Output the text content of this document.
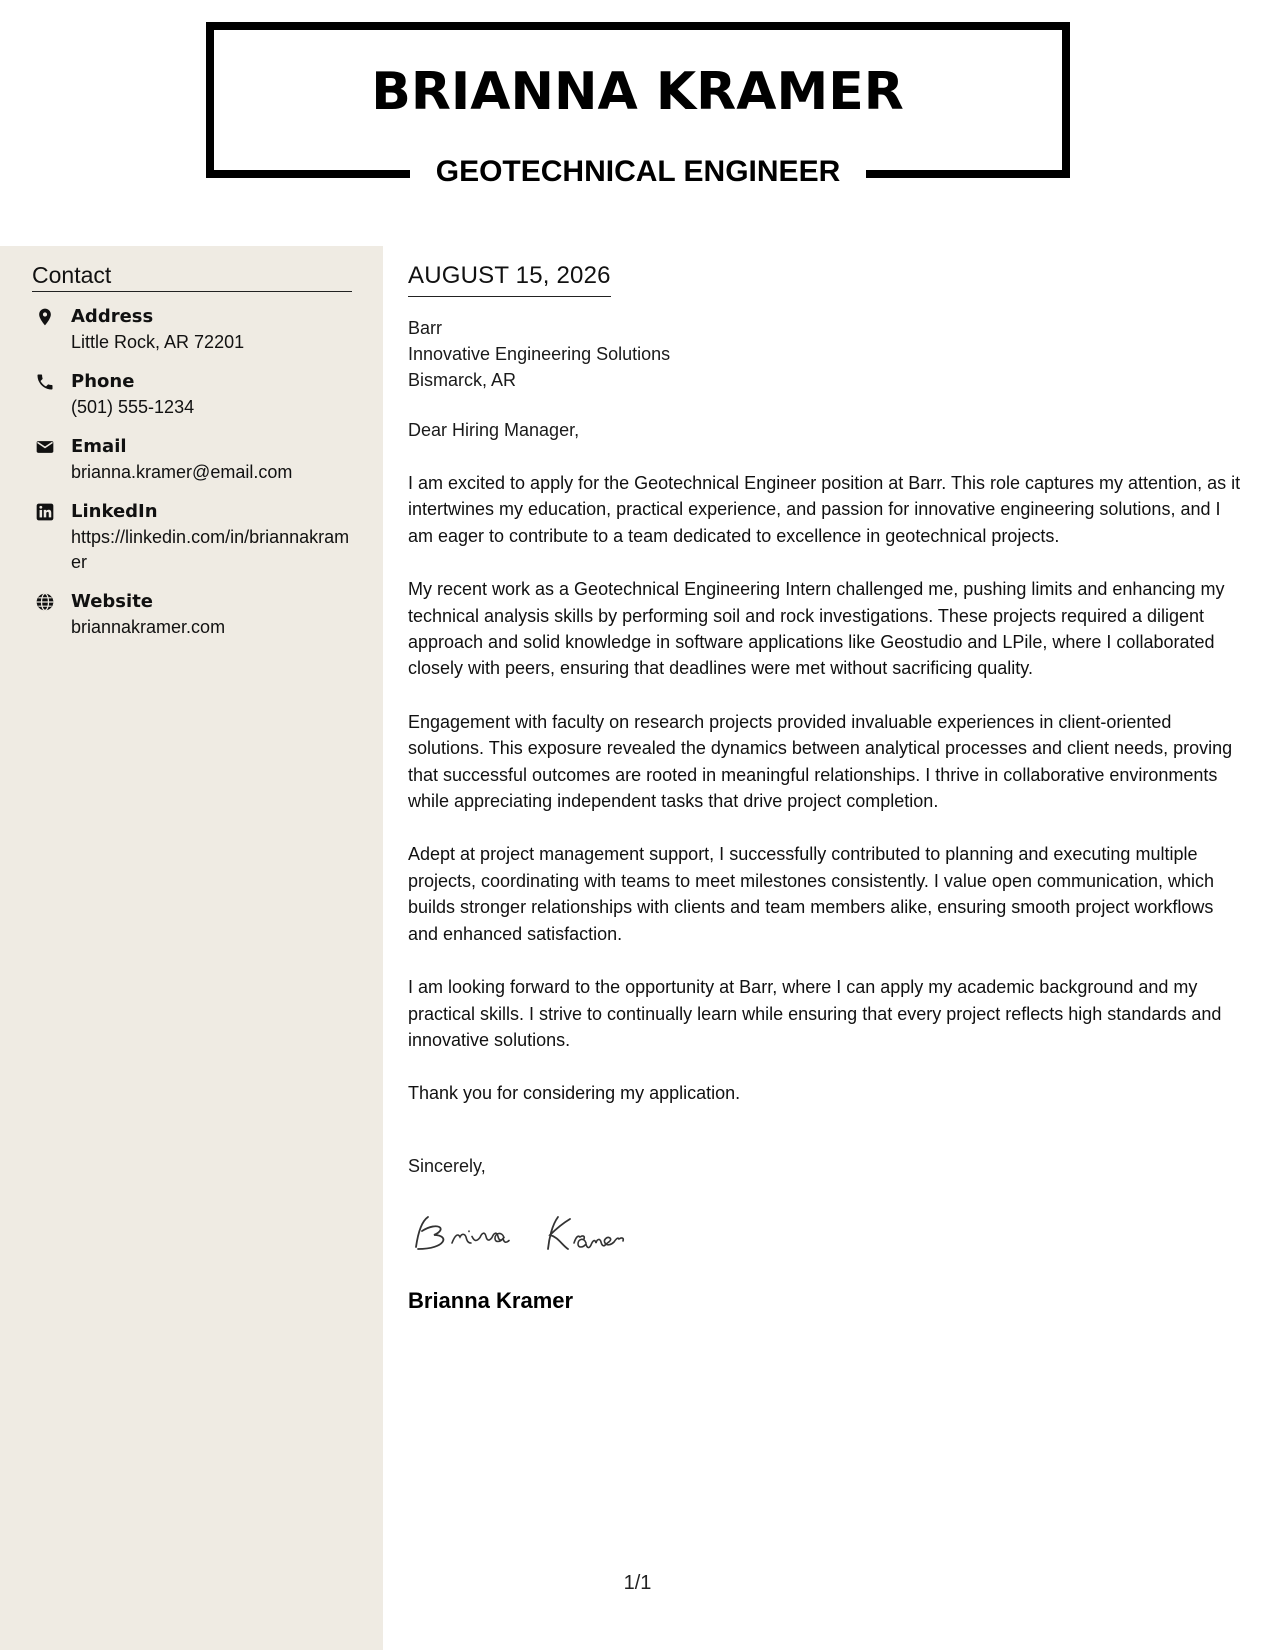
BRIANNA KRAMER
GEOTECHNICAL ENGINEER
Contact
Address
Little Rock, AR 72201
Phone
(501) 555-1234
Email
brianna.kramer@email.com
LinkedIn
https://linkedin.com/in/briannakramer
Website
briannakramer.com
AUGUST 15, 2026
Barr
Innovative Engineering Solutions
Bismarck, AR
Dear Hiring Manager,

I am excited to apply for the Geotechnical Engineer position at Barr. This role captures my attention, as it intertwines my education, practical experience, and passion for innovative engineering solutions, and I am eager to contribute to a team dedicated to excellence in geotechnical projects.

My recent work as a Geotechnical Engineering Intern challenged me, pushing limits and enhancing my technical analysis skills by performing soil and rock investigations. These projects required a diligent approach and solid knowledge in software applications like Geostudio and LPile, where I collaborated closely with peers, ensuring that deadlines were met without sacrificing quality.

Engagement with faculty on research projects provided invaluable experiences in client-oriented solutions. This exposure revealed the dynamics between analytical processes and client needs, proving that successful outcomes are rooted in meaningful relationships. I thrive in collaborative environments while appreciating independent tasks that drive project completion.

Adept at project management support, I successfully contributed to planning and executing multiple projects, coordinating with teams to meet milestones consistently. I value open communication, which builds stronger relationships with clients and team members alike, ensuring smooth project workflows and enhanced satisfaction.

I am looking forward to the opportunity at Barr, where I can apply my academic background and my practical skills. I strive to continually learn while ensuring that every project reflects high standards and innovative solutions.

Thank you for considering my application.

Sincerely,
Brianna Kramer
1/1
